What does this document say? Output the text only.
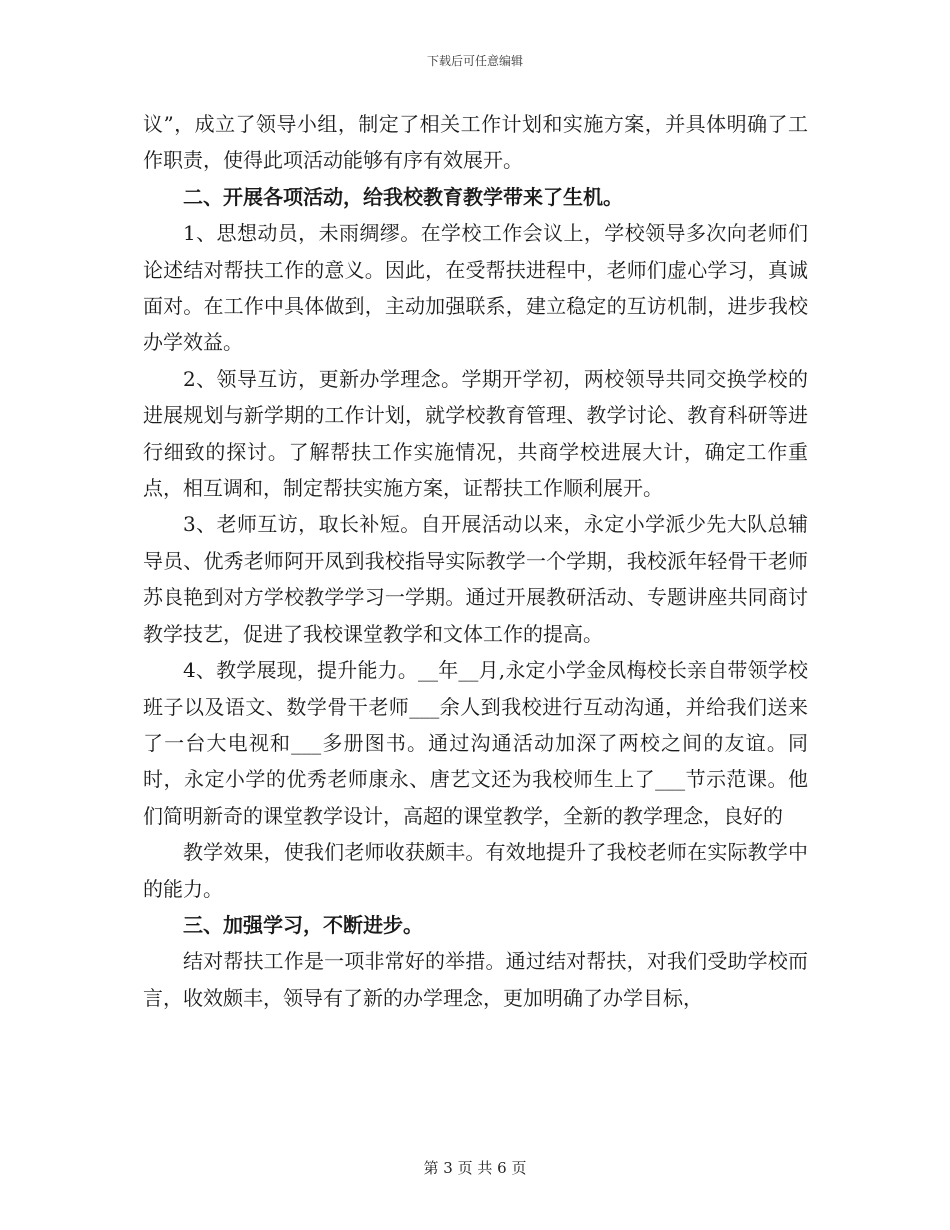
下载后可任意编辑

议”，成立了领导小组，制定了相关工作计划和实施方案，并具体明确了工作职责，使得此项活动能够有序有效展开。

二、开展各项活动，给我校教育教学带来了生机。

1、思想动员，未雨绸缪。在学校工作会议上，学校领导多次向老师们论述结对帮扶工作的意义。因此，在受帮扶进程中，老师们虚心学习，真诚面对。在工作中具体做到，主动加强联系，建立稳定的互访机制，进步我校办学效益。

2、领导互访，更新办学理念。学期开学初，两校领导共同交换学校的进展规划与新学期的工作计划，就学校教育管理、教学讨论、教育科研等进行细致的探讨。了解帮扶工作实施情况，共商学校进展大计，确定工作重点，相互调和，制定帮扶实施方案，证帮扶工作顺利展开。

3、老师互访，取长补短。自开展活动以来，永定小学派少先大队总辅导员、优秀老师阿开凤到我校指导实际教学一个学期，我校派年轻骨干老师苏良艳到对方学校教学学习一学期。通过开展教研活动、专题讲座共同商讨教学技艺，促进了我校课堂教学和文体工作的提高。

4、教学展现，提升能力。__年__月,永定小学金凤梅校长亲自带领学校班子以及语文、数学骨干老师___余人到我校进行互动沟通，并给我们送来了一台大电视和___多册图书。通过沟通活动加深了两校之间的友谊。同时，永定小学的优秀老师康永、唐艺文还为我校师生上了___节示范课。他们简明新奇的课堂教学设计，高超的课堂教学，全新的教学理念，良好的

教学效果，使我们老师收获颇丰。有效地提升了我校老师在实际教学中的能力。

三、加强学习，不断进步。

结对帮扶工作是一项非常好的举措。通过结对帮扶，对我们受助学校而言，收效颇丰，领导有了新的办学理念，更加明确了办学目标，

第 3 页 共 6 页
